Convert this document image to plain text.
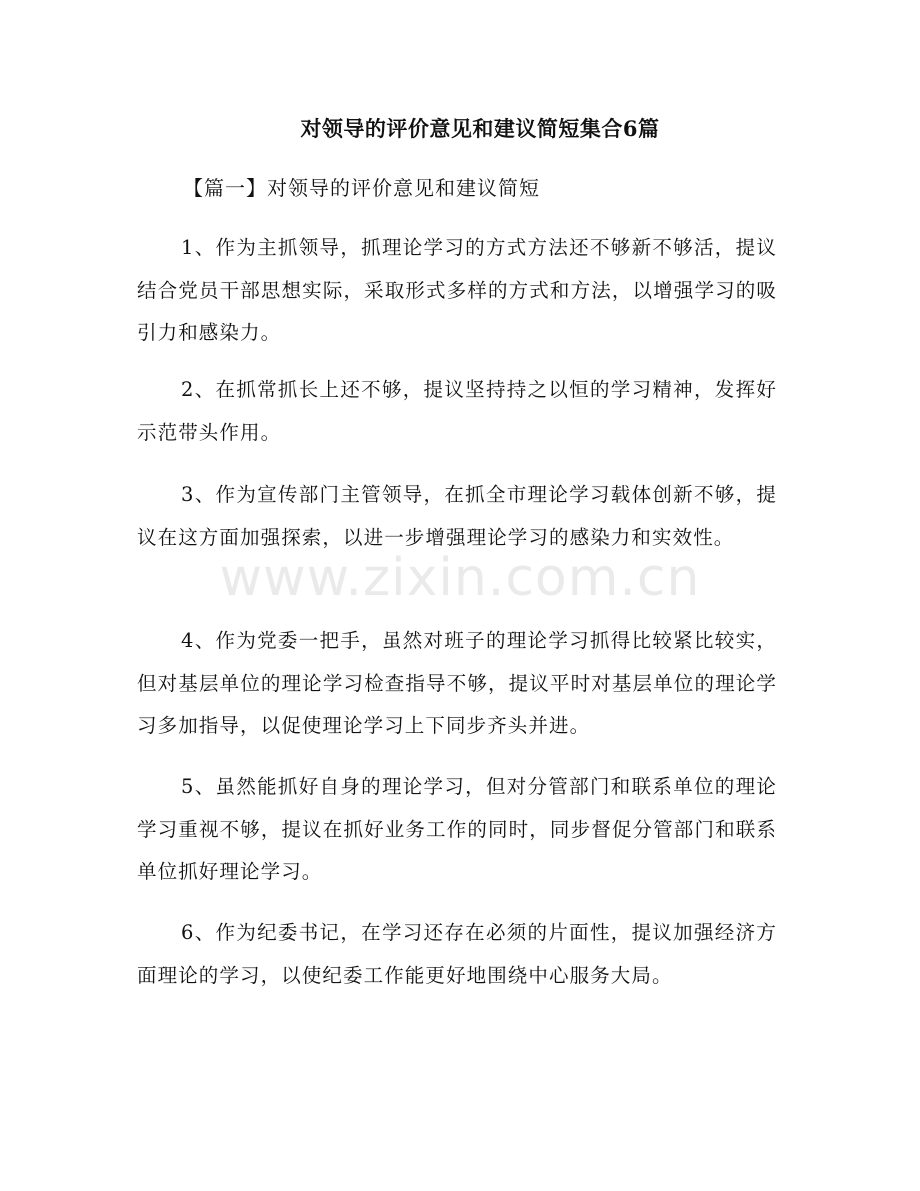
对领导的评价意见和建议简短集合6篇

【篇一】对领导的评价意见和建议简短

1、作为主抓领导，抓理论学习的方式方法还不够新不够活，提议结合党员干部思想实际，采取形式多样的方式和方法，以增强学习的吸引力和感染力。

2、在抓常抓长上还不够，提议坚持持之以恒的学习精神，发挥好示范带头作用。

3、作为宣传部门主管领导，在抓全市理论学习载体创新不够，提议在这方面加强探索，以进一步增强理论学习的感染力和实效性。

4、作为党委一把手，虽然对班子的理论学习抓得比较紧比较实，但对基层单位的理论学习检查指导不够，提议平时对基层单位的理论学习多加指导，以促使理论学习上下同步齐头并进。

5、虽然能抓好自身的理论学习，但对分管部门和联系单位的理论学习重视不够，提议在抓好业务工作的同时，同步督促分管部门和联系单位抓好理论学习。

6、作为纪委书记，在学习还存在必须的片面性，提议加强经济方面理论的学习，以使纪委工作能更好地围绕中心服务大局。

www.zixin.com.cn
